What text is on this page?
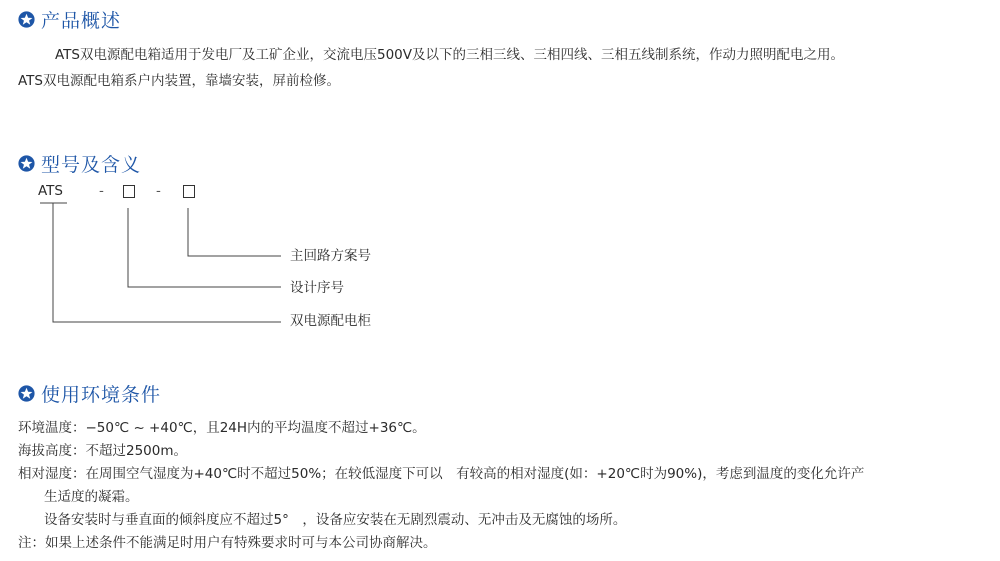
产品概述
ATS双电源配电箱适用于发电厂及工矿企业，交流电压500V及以下的三相三线、三相四线、三相五线制系统，作动力照明配电之用。
ATS双电源配电箱系户内装置，靠墙安装，屏前检修。
型号及含义
ATS	-	-
主回路方案号
设计序号
双电源配电柜
使用环境条件
环境温度：−50℃ ~ +40℃，且24H内的平均温度不超过+36℃。
海拔高度：不超过2500m。
相对湿度：在周围空气湿度为+40℃时不超过50%；在较低湿度下可以　有较高的相对湿度(如：+20℃时为90%)，考虑到温度的变化允许产
生适度的凝霜。
设备安装时与垂直面的倾斜度应不超过5°　，设备应安装在无剧烈震动、无冲击及无腐蚀的场所。
注：如果上述条件不能满足时用户有特殊要求时可与本公司协商解决。
